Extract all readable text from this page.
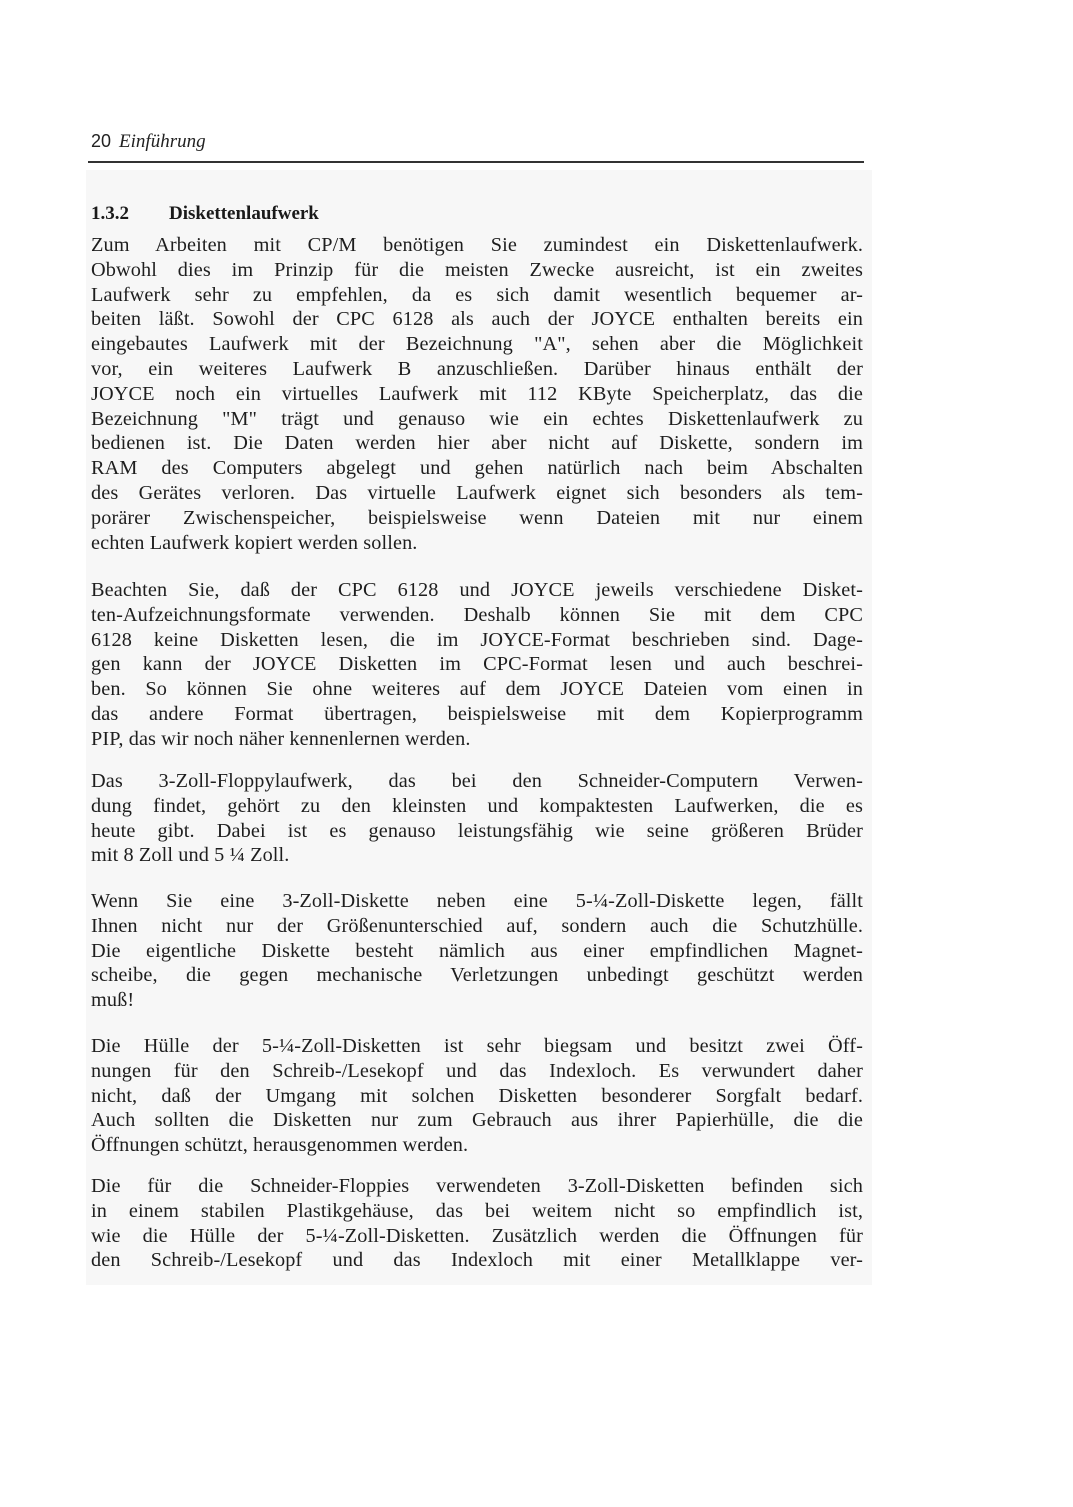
20 Einführung
1.3.2 Diskettenlaufwerk
Zum Arbeiten mit CP/M benötigen Sie zumindest ein Diskettenlaufwerk.
Obwohl dies im Prinzip für die meisten Zwecke ausreicht, ist ein zweites
Laufwerk sehr zu empfehlen, da es sich damit wesentlich bequemer ar-
beiten läßt. Sowohl der CPC 6128 als auch der JOYCE enthalten bereits ein
eingebautes Laufwerk mit der Bezeichnung "A", sehen aber die Möglichkeit
vor, ein weiteres Laufwerk B anzuschließen. Darüber hinaus enthält der
JOYCE noch ein virtuelles Laufwerk mit 112 KByte Speicherplatz, das die
Bezeichnung "M" trägt und genauso wie ein echtes Diskettenlaufwerk zu
bedienen ist. Die Daten werden hier aber nicht auf Diskette, sondern im
RAM des Computers abgelegt und gehen natürlich nach beim Abschalten
des Gerätes verloren. Das virtuelle Laufwerk eignet sich besonders als tem-
porärer Zwischenspeicher, beispielsweise wenn Dateien mit nur einem
echten Laufwerk kopiert werden sollen.
Beachten Sie, daß der CPC 6128 und JOYCE jeweils verschiedene Disket-
ten-Aufzeichnungsformate verwenden. Deshalb können Sie mit dem CPC
6128 keine Disketten lesen, die im JOYCE-Format beschrieben sind. Dage-
gen kann der JOYCE Disketten im CPC-Format lesen und auch beschrei-
ben. So können Sie ohne weiteres auf dem JOYCE Dateien vom einen in
das andere Format übertragen, beispielsweise mit dem Kopierprogramm
PIP, das wir noch näher kennenlernen werden.
Das 3-Zoll-Floppylaufwerk, das bei den Schneider-Computern Verwen-
dung findet, gehört zu den kleinsten und kompaktesten Laufwerken, die es
heute gibt. Dabei ist es genauso leistungsfähig wie seine größeren Brüder
mit 8 Zoll und 5 ¼ Zoll.
Wenn Sie eine 3-Zoll-Diskette neben eine 5-¼-Zoll-Diskette legen, fällt
Ihnen nicht nur der Größenunterschied auf, sondern auch die Schutzhülle.
Die eigentliche Diskette besteht nämlich aus einer empfindlichen Magnet-
scheibe, die gegen mechanische Verletzungen unbedingt geschützt werden
muß!
Die Hülle der 5-¼-Zoll-Disketten ist sehr biegsam und besitzt zwei Öff-
nungen für den Schreib-/Lesekopf und das Indexloch. Es verwundert daher
nicht, daß der Umgang mit solchen Disketten besonderer Sorgfalt bedarf.
Auch sollten die Disketten nur zum Gebrauch aus ihrer Papierhülle, die die
Öffnungen schützt, herausgenommen werden.
Die für die Schneider-Floppies verwendeten 3-Zoll-Disketten befinden sich
in einem stabilen Plastikgehäuse, das bei weitem nicht so empfindlich ist,
wie die Hülle der 5-¼-Zoll-Disketten. Zusätzlich werden die Öffnungen für
den Schreib-/Lesekopf und das Indexloch mit einer Metallklappe ver-
